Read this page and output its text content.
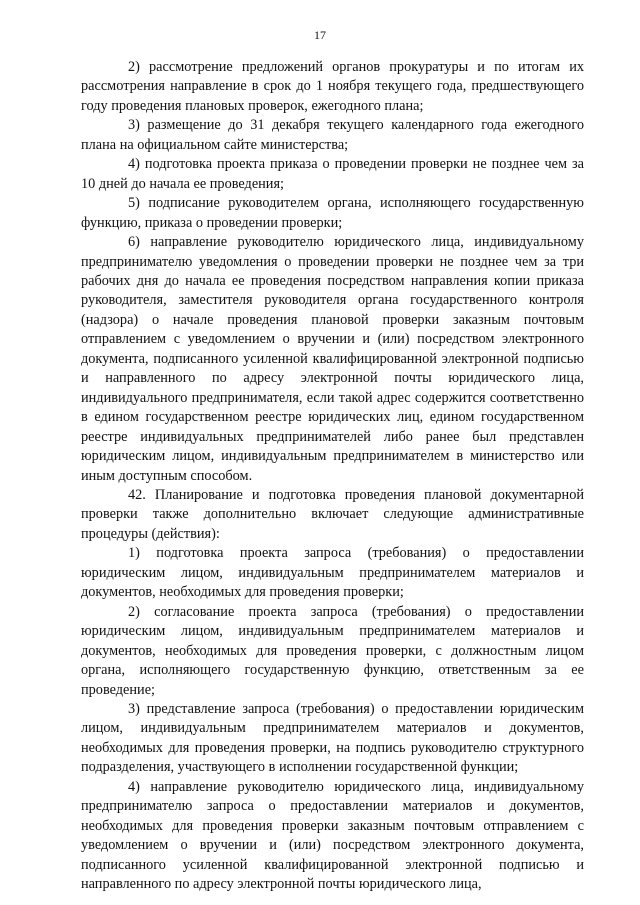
17

2) рассмотрение предложений органов прокуратуры и по итогам их рассмотрения направление в срок до 1 ноября текущего года, предшествующего году проведения плановых проверок, ежегодного плана;

3) размещение до 31 декабря текущего календарного года ежегодного плана на официальном сайте министерства;

4) подготовка проекта приказа о проведении проверки не позднее чем за 10 дней до начала ее проведения;

5) подписание руководителем органа, исполняющего государственную функцию, приказа о проведении проверки;

6) направление руководителю юридического лица, индивидуальному предпринимателю уведомления о проведении проверки не позднее чем за три рабочих дня до начала ее проведения посредством направления копии приказа руководителя, заместителя руководителя органа государственного контроля (надзора) о начале проведения плановой проверки заказным почтовым отправлением с уведомлением о вручении и (или) посредством электронного документа, подписанного усиленной квалифицированной электронной подписью и направленного по адресу электронной почты юридического лица, индивидуального предпринимателя, если такой адрес содержится соответственно в едином государственном реестре юридических лиц, едином государственном реестре индивидуальных предпринимателей либо ранее был представлен юридическим лицом, индивидуальным предпринимателем в министерство или иным доступным способом.

42. Планирование и подготовка проведения плановой документарной проверки также дополнительно включает следующие административные процедуры (действия):

1) подготовка проекта запроса (требования) о предоставлении юридическим лицом, индивидуальным предпринимателем материалов и документов, необходимых для проведения проверки;

2) согласование проекта запроса (требования) о предоставлении юридическим лицом, индивидуальным предпринимателем материалов и документов, необходимых для проведения проверки, с должностным лицом органа, исполняющего государственную функцию, ответственным за ее проведение;

3) представление запроса (требования) о предоставлении юридическим лицом, индивидуальным предпринимателем материалов и документов, необходимых для проведения проверки, на подпись руководителю структурного подразделения, участвующего в исполнении государственной функции;

4) направление руководителю юридического лица, индивидуальному предпринимателю запроса о предоставлении материалов и документов, необходимых для проведения проверки заказным почтовым отправлением с уведомлением о вручении и (или) посредством электронного документа, подписанного усиленной квалифицированной электронной подписью и направленного по адресу электронной почты юридического лица,
